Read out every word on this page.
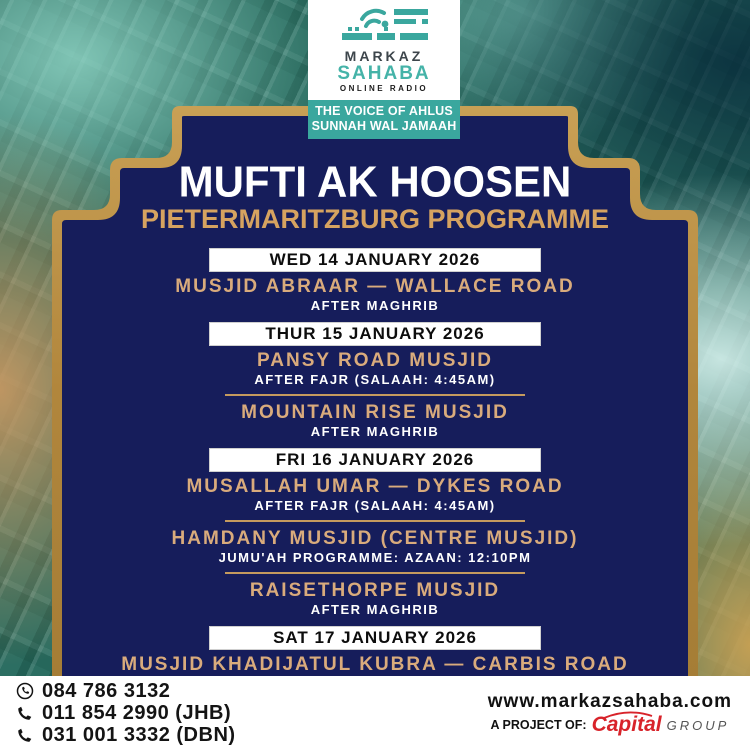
MARKAZ
SAHABA
ONLINE RADIO
THE VOICE OF AHLUS
SUNNAH WAL JAMAAH
MUFTI AK HOOSEN
PIETERMARITZBURG PROGRAMME
WED 14 JANUARY 2026
MUSJID ABRAAR — WALLACE ROAD
AFTER MAGHRIB
THUR 15 JANUARY 2026
PANSY ROAD MUSJID
AFTER FAJR (SALAAH: 4:45AM)
MOUNTAIN RISE MUSJID
AFTER MAGHRIB
FRI 16 JANUARY 2026
MUSALLAH UMAR — DYKES ROAD
AFTER FAJR (SALAAH: 4:45AM)
HAMDANY MUSJID (CENTRE MUSJID)
JUMU'AH PROGRAMME: AZAAN: 12:10PM
RAISETHORPE MUSJID
AFTER MAGHRIB
SAT 17 JANUARY 2026
MUSJID KHADIJATUL KUBRA — CARBIS ROAD
084 786 3132
011 854 2990 (JHB)
031 001 3332 (DBN)
www.markazsahaba.com
A PROJECT OF: Capital GROUP
